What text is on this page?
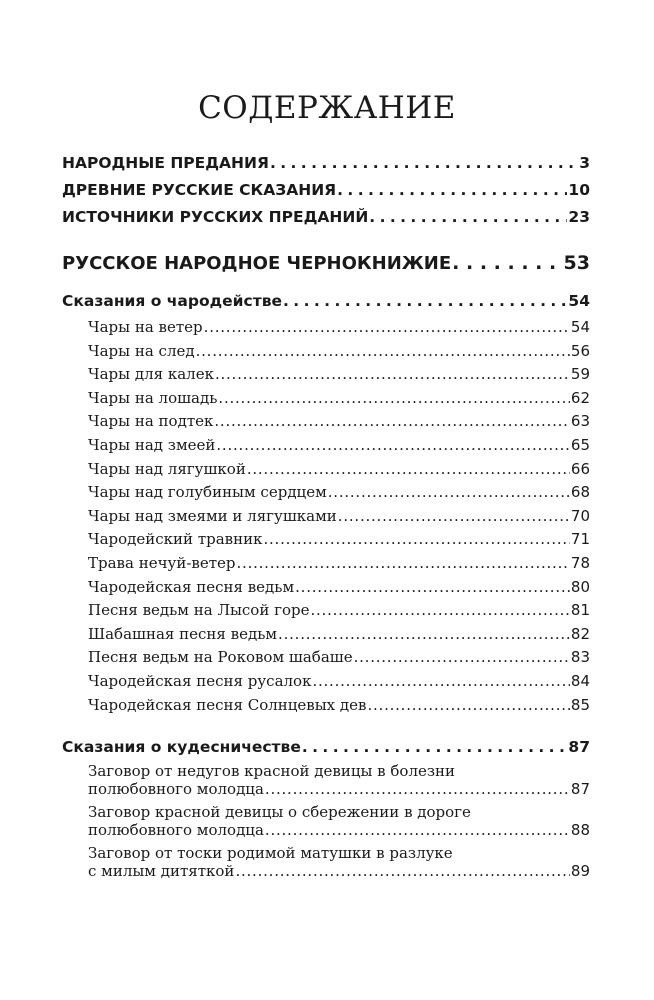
СОДЕРЖАНИЕ
НАРОДНЫЕ ПРЕДАНИЯ . . .	3
ДРЕВНИЕ РУССКИЕ СКАЗАНИЯ . . .	10
ИСТОЧНИКИ РУССКИХ ПРЕДАНИЙ . . .	23
РУССКОЕ НАРОДНОЕ ЧЕРНОКНИЖИЕ . . .	53
Сказания о чародействе . . .	54
Чары на ветер . . .	54
Чары на след . . .	56
Чары для калек . . .	59
Чары на лошадь . . .	62
Чары на подтек . . .	63
Чары над змеей . . .	65
Чары над лягушкой . . .	66
Чары над голубиным сердцем . . .	68
Чары над змеями и лягушками . . .	70
Чародейский травник . . .	71
Трава нечуй-ветер . . .	78
Чародейская песня ведьм . . .	80
Песня ведьм на Лысой горе . . .	81
Шабашная песня ведьм . . .	82
Песня ведьм на Роковом шабаше . . .	83
Чародейская песня русалок . . .	84
Чародейская песня Солнцевых дев . . .	85
Сказания о кудесничестве . . .	87
Заговор от недугов красной девицы в болезни
полюбовного молодца . . .	87
Заговор красной девицы о сбережении в дороге
полюбовного молодца . . .	88
Заговор от тоски родимой матушки в разлуке
с милым дитяткой . . .	89
